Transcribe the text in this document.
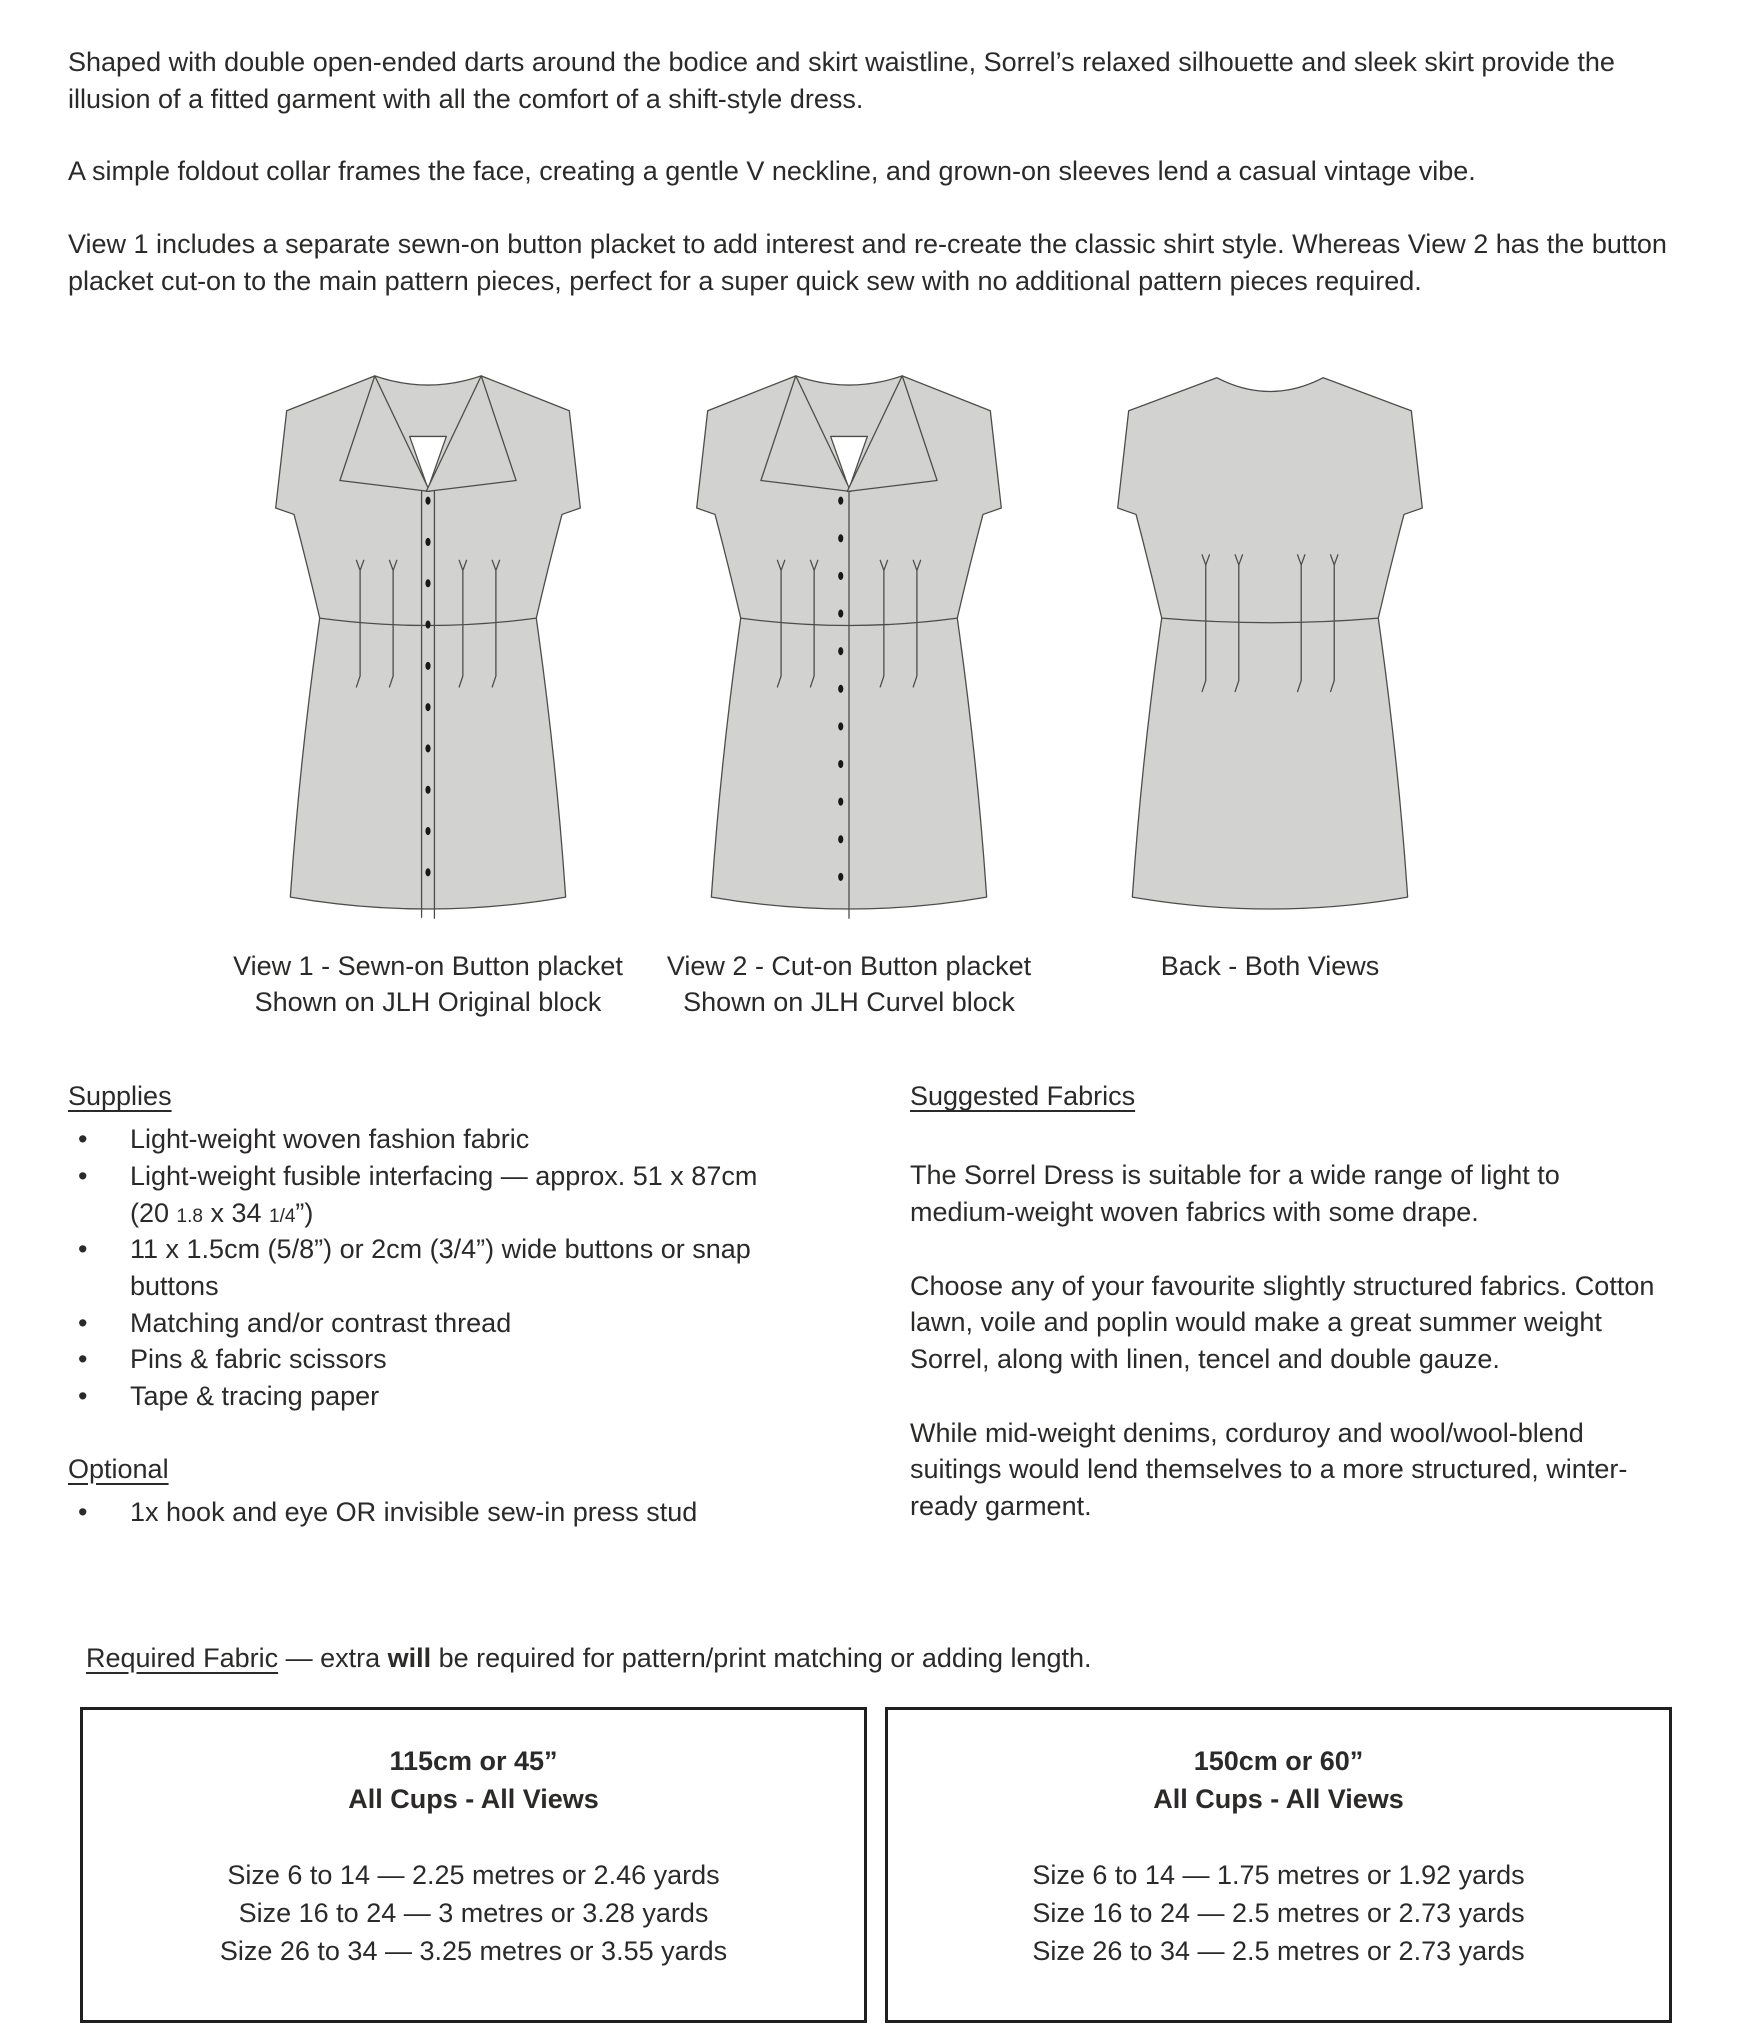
Shaped with double open-ended darts around the bodice and skirt waistline, Sorrel’s relaxed silhouette and sleek skirt provide the illusion of a fitted garment with all the comfort of a shift-style dress.

A simple foldout collar frames the face, creating a gentle V neckline, and grown-on sleeves lend a casual vintage vibe.

View 1 includes a separate sewn-on button placket to add interest and re-create the classic shirt style. Whereas View 2 has the button placket cut-on to the main pattern pieces, perfect for a super quick sew with no additional pattern pieces required.

View 1 - Sewn-on Button placket
Shown on JLH Original block
View 2 - Cut-on Button placket
Shown on JLH Curvel block
Back - Both Views
Supplies
• Light-weight woven fashion fabric
• Light-weight fusible interfacing — approx. 51 x 87cm
(20 1.8 x 34 1/4”)
• 11 x 1.5cm (5/8”) or 2cm (3/4”) wide buttons or snap buttons
• Matching and/or contrast thread
• Pins & fabric scissors
• Tape & tracing paper
Optional
• 1x hook and eye OR invisible sew-in press stud
Suggested Fabrics

The Sorrel Dress is suitable for a wide range of light to medium-weight woven fabrics with some drape.

Choose any of your favourite slightly structured fabrics. Cotton lawn, voile and poplin would make a great summer weight Sorrel, along with linen, tencel and double gauze.

While mid-weight denims, corduroy and wool/wool-blend suitings would lend themselves to a more structured, winter-ready garment.

Required Fabric — extra will be required for pattern/print matching or adding length.
115cm or 45”
All Cups - All Views
Size 6 to 14 — 2.25 metres or 2.46 yards
Size 16 to 24 — 3 metres or 3.28 yards
Size 26 to 34 — 3.25 metres or 3.55 yards
150cm or 60”
All Cups - All Views
Size 6 to 14 — 1.75 metres or 1.92 yards
Size 16 to 24 — 2.5 metres or 2.73 yards
Size 26 to 34 — 2.5 metres or 2.73 yards
